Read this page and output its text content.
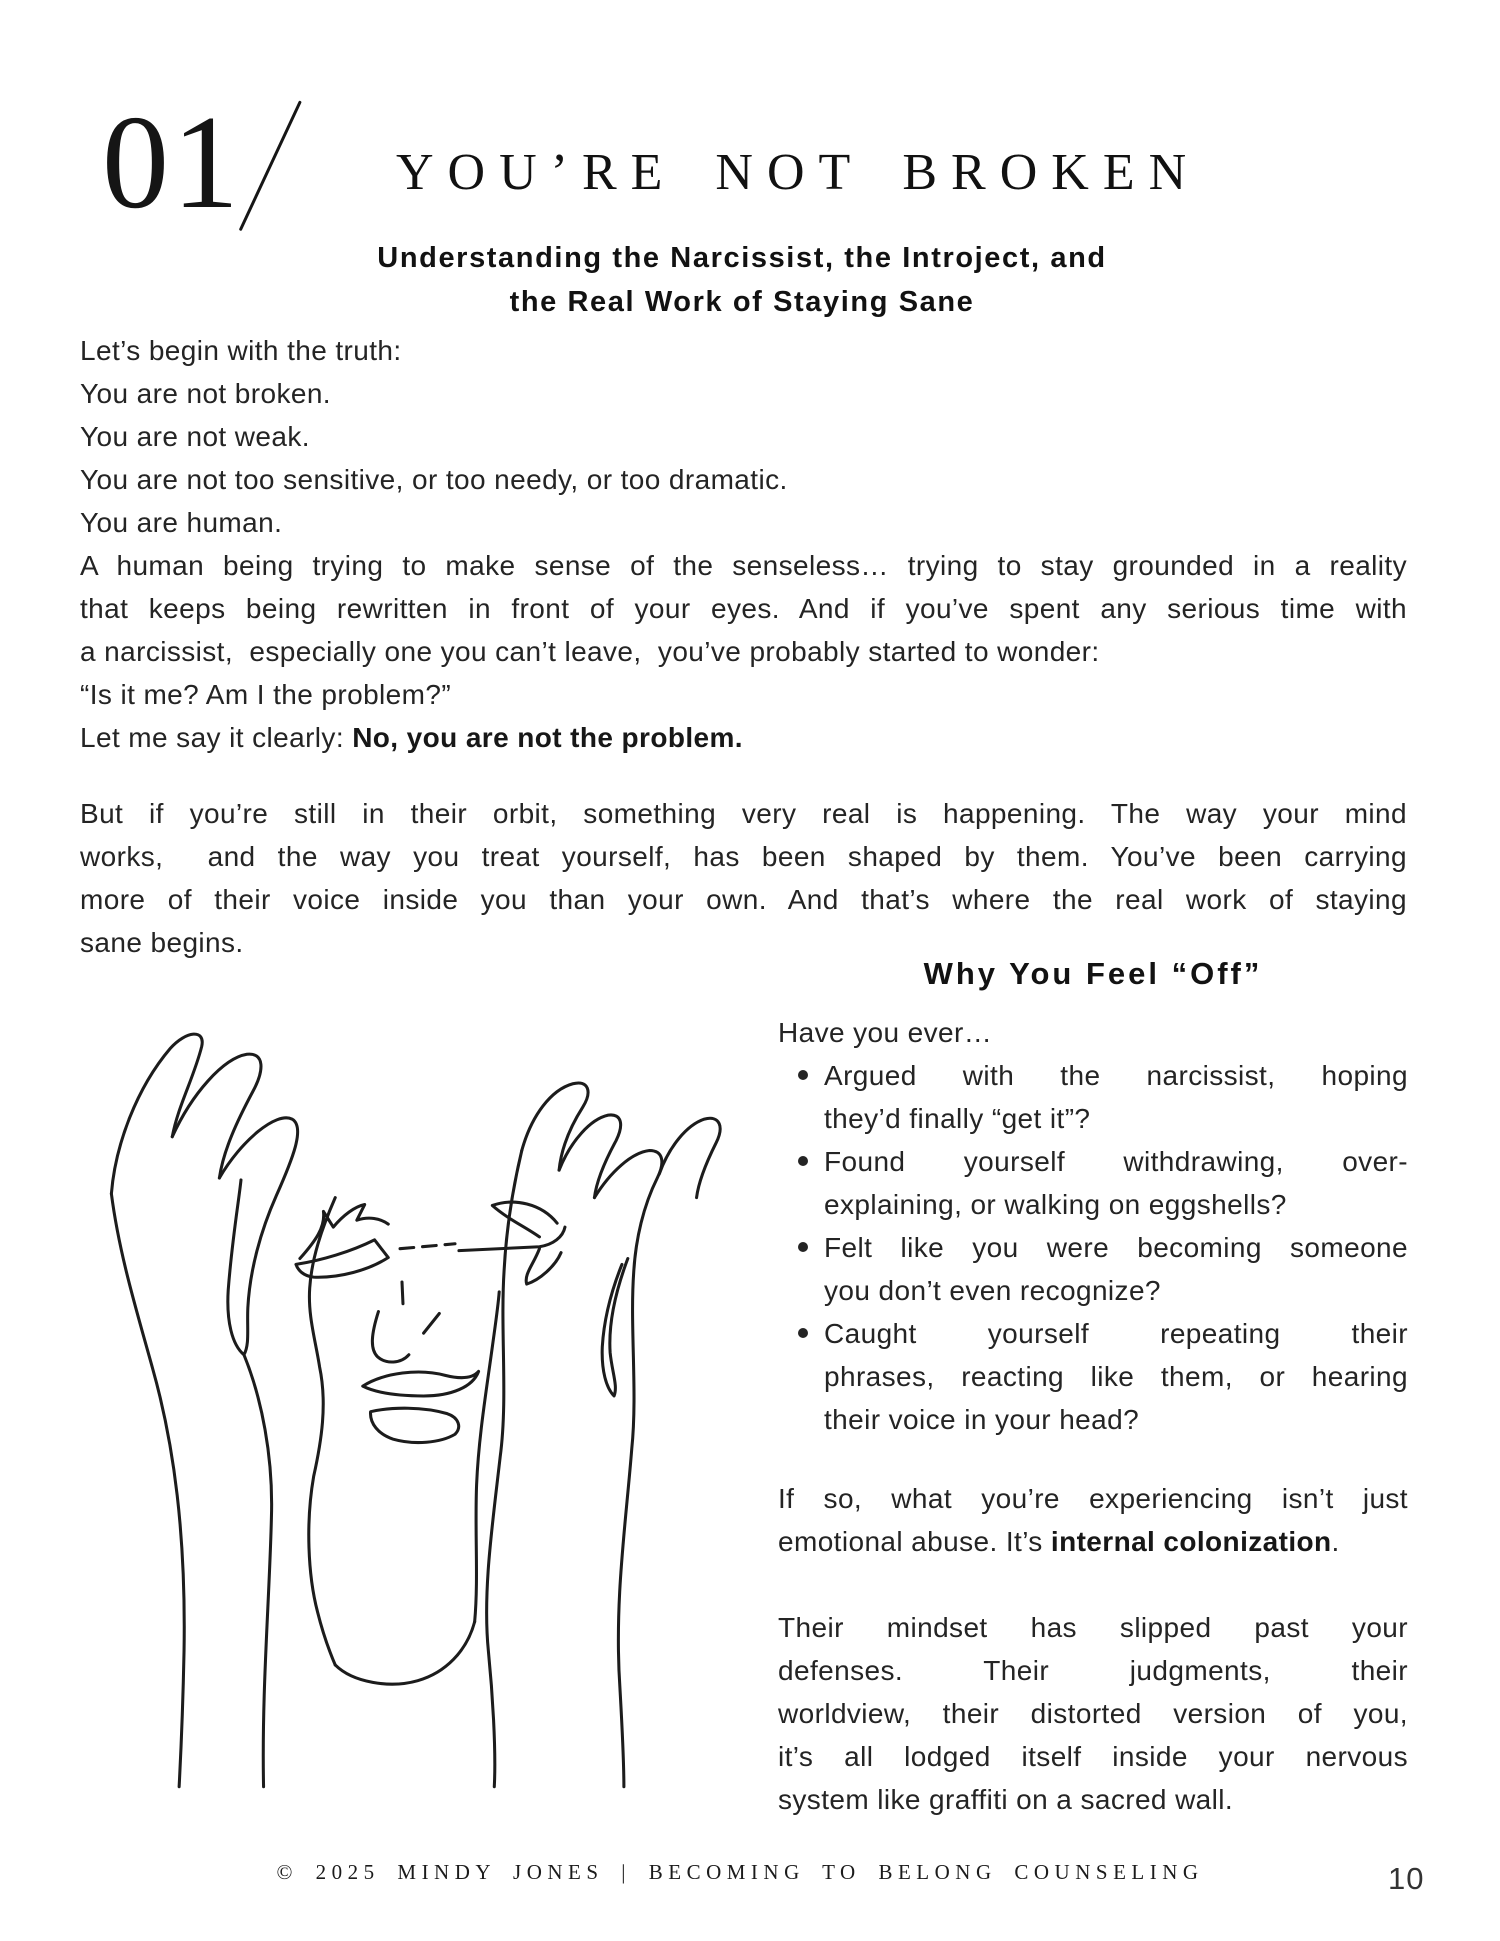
01	YOU’RE NOT BROKEN
Understanding the Narcissist, the Introject, and
the Real Work of Staying Sane
Let’s begin with the truth:
You are not broken.
You are not weak.
You are not too sensitive, or too needy, or too dramatic.
You are human.
A human being trying to make sense of the senseless… trying to stay grounded in a reality
that keeps being rewritten in front of your eyes. And if you’ve spent any serious time with
a narcissist,  especially one you can’t leave,  you’ve probably started to wonder:
“Is it me? Am I the problem?”
Let me say it clearly: No, you are not the problem.
But if you’re still in their orbit, something very real is happening. The way your mind
works,  and the way you treat yourself, has been shaped by them. You’ve been carrying
more of their voice inside you than your own. And that’s where the real work of staying
sane begins.
Why You Feel “Off”
Have you ever…
Argued with the narcissist, hoping
they’d finally “get it”?
Found yourself withdrawing, over-
explaining, or walking on eggshells?
Felt like you were becoming someone
you don’t even recognize?
Caught yourself repeating their
phrases, reacting like them, or hearing
their voice in your head?
If so, what you’re experiencing isn’t just
emotional abuse. It’s internal colonization.
Their mindset has slipped past your
defenses. Their judgments, their
worldview, their distorted version of you,
it’s all lodged itself inside your nervous
system like graffiti on a sacred wall.
© 2025 MINDY JONES | BECOMING TO BELONG COUNSELING	10
